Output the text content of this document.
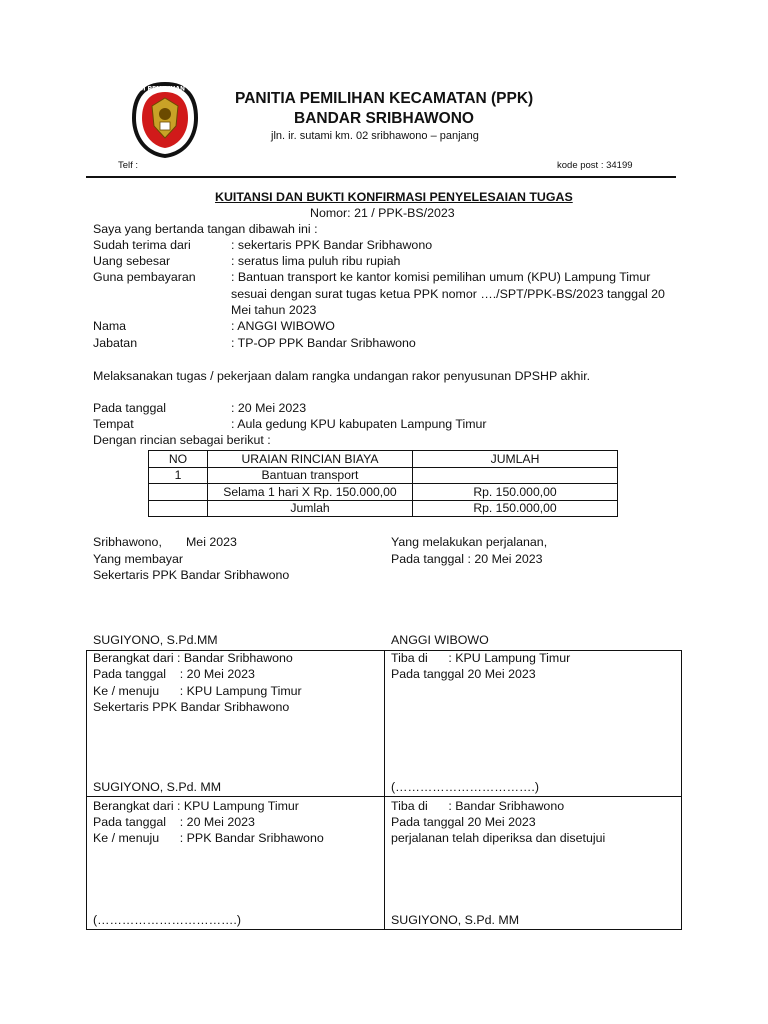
KOMISI PEMILIHAN UMUM
PANITIA PEMILIHAN KECAMATAN (PPK)
BANDAR SRIBHAWONO
jln. ir. sutami km. 02 sribhawono – panjang
Telf :	kode post : 34199
KUITANSI DAN BUKTI KONFIRMASI PENYELESAIAN TUGAS
Nomor: 21 / PPK-BS/2023
Saya yang bertanda tangan dibawah ini :
Sudah terima dari	: sekertaris PPK Bandar Sribhawono
Uang sebesar	: seratus lima puluh ribu rupiah
Guna pembayaran	: Bantuan transport ke kantor komisi pemilihan umum (KPU) Lampung Timur
sesuai dengan surat tugas ketua PPK nomor …./SPT/PPK-BS/2023 tanggal 20
Mei tahun 2023
Nama	: ANGGI WIBOWO
Jabatan	: TP-OP PPK Bandar Sribhawono
Melaksanakan tugas / pekerjaan dalam rangka undangan rakor penyusunan DPSHP akhir.
Pada tanggal	: 20 Mei 2023
Tempat	: Aula gedung KPU kabupaten Lampung Timur
Dengan rincian sebagai berikut :
NO	URAIAN RINCIAN BIAYA	JUMLAH
1	Bantuan transport	
	Selama 1 hari X Rp. 150.000,00	Rp. 150.000,00
	Jumlah	Rp. 150.000,00
Sribhawono,       Mei 2023
Yang membayar
Sekertaris PPK Bandar Sribhawono
Yang melakukan perjalanan,
Pada tanggal : 20 Mei 2023
SUGIYONO, S.Pd.MM	ANGGI WIBOWO
Berangkat dari : Bandar Sribhawono
Pada tanggal    : 20 Mei 2023
Ke / menuju      : KPU Lampung Timur
Sekertaris PPK Bandar Sribhawono
SUGIYONO, S.Pd. MM
Tiba di      : KPU Lampung Timur
Pada tanggal 20 Mei 2023
(…………………………….)
Berangkat dari : KPU Lampung Timur
Pada tanggal    : 20 Mei 2023
Ke / menuju      : PPK Bandar Sribhawono
(…………………………….)
Tiba di      : Bandar Sribhawono
Pada tanggal 20 Mei 2023
perjalanan telah diperiksa dan disetujui
SUGIYONO, S.Pd. MM
